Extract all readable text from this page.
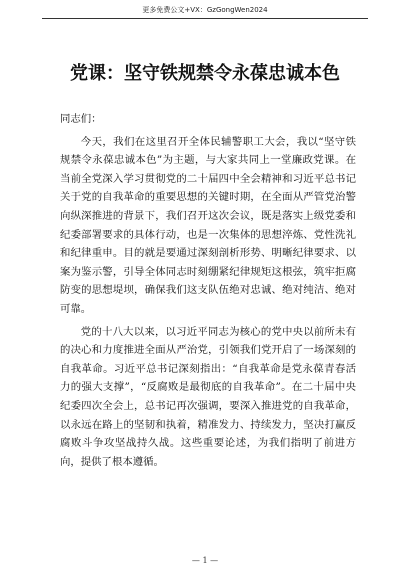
更多免费公文+VX：GzGongWen2024
党课：坚守铁规禁令永葆忠诚本色

同志们：

今天，我们在这里召开全体民辅警职工大会，我以“坚守铁规禁令永葆忠诚本色”为主题，与大家共同上一堂廉政党课。在当前全党深入学习贯彻党的二十届四中全会精神和习近平总书记关于党的自我革命的重要思想的关键时期，在全面从严管党治警向纵深推进的背景下，我们召开这次会议，既是落实上级党委和纪委部署要求的具体行动，也是一次集体的思想淬炼、党性洗礼和纪律重申。目的就是要通过深刻剖析形势、明晰纪律要求、以案为鉴示警，引导全体同志时刻绷紧纪律规矩这根弦，筑牢拒腐防变的思想堤坝，确保我们这支队伍绝对忠诚、绝对纯洁、绝对可靠。

党的十八大以来，以习近平同志为核心的党中央以前所未有的决心和力度推进全面从严治党，引领我们党开启了一场深刻的自我革命。习近平总书记深刻指出：“自我革命是党永葆青春活力的强大支撑”，“反腐败是最彻底的自我革命”。在二十届中央纪委四次全会上，总书记再次强调，要深入推进党的自我革命，以永远在路上的坚韧和执着，精准发力、持续发力，坚决打赢反腐败斗争攻坚战持久战。这些重要论述，为我们指明了前进方向，提供了根本遵循。

— 1 —
